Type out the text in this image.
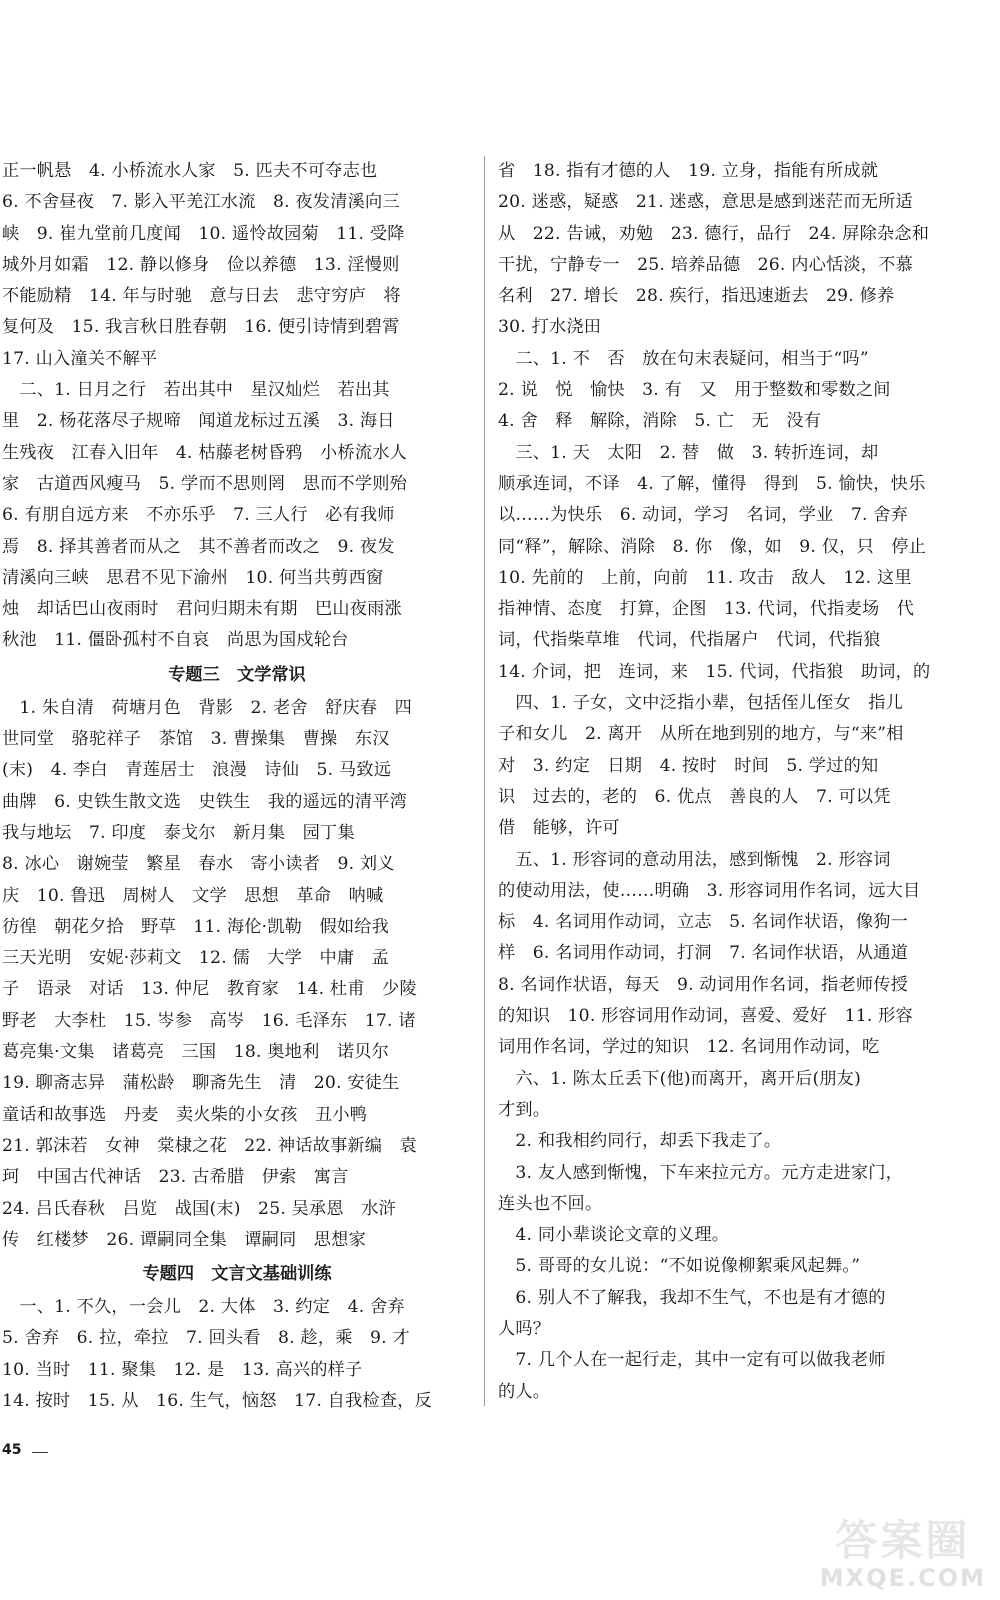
正一帆悬　4. 小桥流水人家　5. 匹夫不可夺志也
6. 不舍昼夜　7. 影入平羌江水流　8. 夜发清溪向三
峡　9. 崔九堂前几度闻　10. 遥怜故园菊　11. 受降
城外月如霜　12. 静以修身　俭以养德　13. 淫慢则
不能励精　14. 年与时驰　意与日去　悲守穷庐　将
复何及　15. 我言秋日胜春朝　16. 便引诗情到碧霄
17. 山入潼关不解平
　二、1. 日月之行　若出其中　星汉灿烂　若出其
里　2. 杨花落尽子规啼　闻道龙标过五溪　3. 海日
生残夜　江春入旧年　4. 枯藤老树昏鸦　小桥流水人
家　古道西风瘦马　5. 学而不思则罔　思而不学则殆
6. 有朋自远方来　不亦乐乎　7. 三人行　必有我师
焉　8. 择其善者而从之　其不善者而改之　9. 夜发
清溪向三峡　思君不见下渝州　10. 何当共剪西窗
烛　却话巴山夜雨时　君问归期未有期　巴山夜雨涨
秋池　11. 僵卧孤村不自哀　尚思为国戍轮台
专题三　文学常识
　1. 朱自清　荷塘月色　背影　2. 老舍　舒庆春　四
世同堂　骆驼祥子　茶馆　3. 曹操集　曹操　东汉
(末)　4. 李白　青莲居士　浪漫　诗仙　5. 马致远
曲牌　6. 史铁生散文选　史铁生　我的遥远的清平湾
我与地坛　7. 印度　泰戈尔　新月集　园丁集
8. 冰心　谢婉莹　繁星　春水　寄小读者　9. 刘义
庆　10. 鲁迅　周树人　文学　思想　革命　呐喊
彷徨　朝花夕拾　野草　11. 海伦·凯勒　假如给我
三天光明　安妮·莎莉文　12. 儒　大学　中庸　孟
子　语录　对话　13. 仲尼　教育家　14. 杜甫　少陵
野老　大李杜　15. 岑参　高岑　16. 毛泽东　17. 诸
葛亮集·文集　诸葛亮　三国　18. 奥地利　诺贝尔
19. 聊斋志异　蒲松龄　聊斋先生　清　20. 安徒生
童话和故事选　丹麦　卖火柴的小女孩　丑小鸭
21. 郭沫若　女神　棠棣之花　22. 神话故事新编　袁
珂　中国古代神话　23. 古希腊　伊索　寓言
24. 吕氏春秋　吕览　战国(末)　25. 吴承恩　水浒
传　红楼梦　26. 谭嗣同全集　谭嗣同　思想家
专题四　文言文基础训练
　一、1. 不久，一会儿　2. 大体　3. 约定　4. 舍弃
5. 舍弃　6. 拉，牵拉　7. 回头看　8. 趁，乘　9. 才
10. 当时　11. 聚集　12. 是　13. 高兴的样子
14. 按时　15. 从　16. 生气，恼怒　17. 自我检查，反
省　18. 指有才德的人　19. 立身，指能有所成就
20. 迷惑，疑惑　21. 迷惑，意思是感到迷茫而无所适
从　22. 告诫，劝勉　23. 德行，品行　24. 屏除杂念和
干扰，宁静专一　25. 培养品德　26. 内心恬淡，不慕
名利　27. 增长　28. 疾行，指迅速逝去　29. 修养
30. 打水浇田
　二、1. 不　否　放在句末表疑问，相当于“吗”
2. 说　悦　愉快　3. 有　又　用于整数和零数之间
4. 舍　释　解除，消除　5. 亡　无　没有
　三、1. 天　太阳　2. 替　做　3. 转折连词，却
顺承连词，不译　4. 了解，懂得　得到　5. 愉快，快乐
以……为快乐　6. 动词，学习　名词，学业　7. 舍弃
同“释”，解除、消除　8. 你　像，如　9. 仅，只　停止
10. 先前的　上前，向前　11. 攻击　敌人　12. 这里
指神情、态度　打算，企图　13. 代词，代指麦场　代
词，代指柴草堆　代词，代指屠户　代词，代指狼
14. 介词，把　连词，来　15. 代词，代指狼　助词，的
　四、1. 子女，文中泛指小辈，包括侄儿侄女　指儿
子和女儿　2. 离开　从所在地到别的地方，与“来”相
对　3. 约定　日期　4. 按时　时间　5. 学过的知
识　过去的，老的　6. 优点　善良的人　7. 可以凭
借　能够，许可
　五、1. 形容词的意动用法，感到惭愧　2. 形容词
的使动用法，使……明确　3. 形容词用作名词，远大目
标　4. 名词用作动词，立志　5. 名词作状语，像狗一
样　6. 名词用作动词，打洞　7. 名词作状语，从通道
8. 名词作状语，每天　9. 动词用作名词，指老师传授
的知识　10. 形容词用作动词，喜爱、爱好　11. 形容
词用作名词，学过的知识　12. 名词用作动词，吃
　六、1. 陈太丘丢下(他)而离开，离开后(朋友)
才到。
　2. 和我相约同行，却丢下我走了。
　3. 友人感到惭愧，下车来拉元方。元方走进家门，
连头也不回。
　4. 同小辈谈论文章的义理。
　5. 哥哥的女儿说：“不如说像柳絮乘风起舞。”
　6. 别人不了解我，我却不生气，不也是有才德的
人吗？
　7. 几个人在一起行走，其中一定有可以做我老师
的人。
45
答案圈
MXQE.COM
